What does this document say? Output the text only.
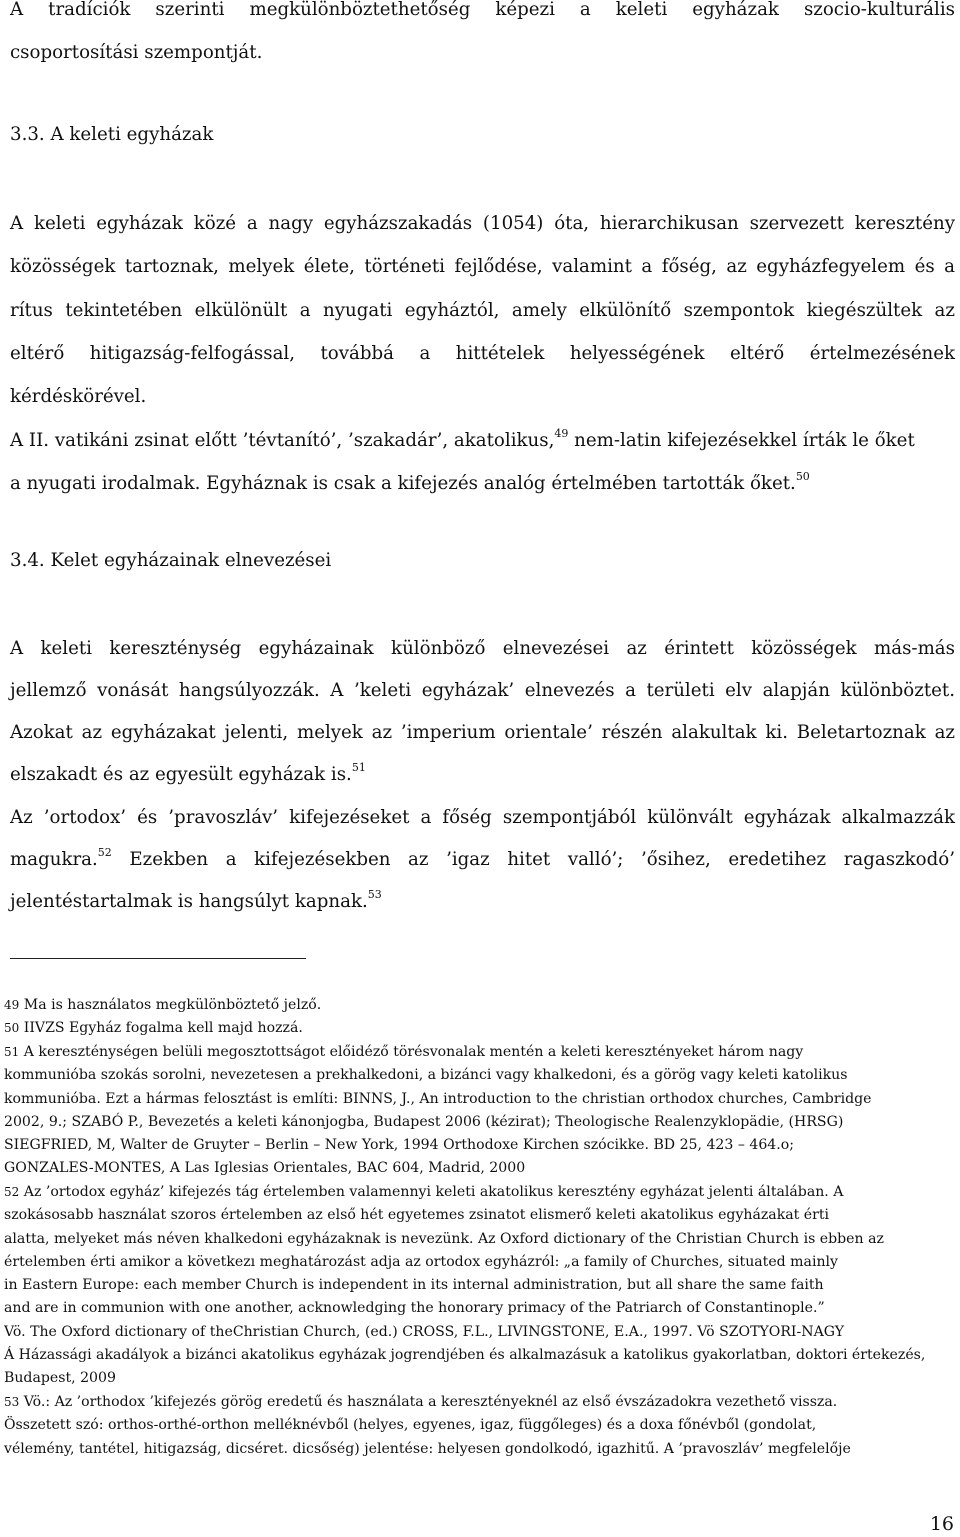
A tradíciók szerinti megkülönböztethetőség képezi a keleti egyházak szocio-kulturális
csoportosítási szempontját.

3.3. A keleti egyházak

A keleti egyházak közé a nagy egyházszakadás (1054) óta, hierarchikusan szervezett keresztény
közösségek tartoznak, melyek élete, történeti fejlődése, valamint a főség, az egyházfegyelem és a
rítus tekintetében elkülönült a nyugati egyháztól, amely elkülönítő szempontok kiegészültek az
eltérő hitigazság-felfogással, továbbá a hittételek helyességének eltérő értelmezésének
kérdéskörével.

A II. vatikáni zsinat előtt ’tévtanító’, ’szakadár’, akatolikus,$^{49}$ nem-latin kifejezésekkel írták le őket
a nyugati irodalmak. Egyháznak is csak a kifejezés analóg értelmében tartották őket.$^{50}$

3.4. Kelet egyházainak elnevezései

A keleti kereszténység egyházainak különböző elnevezései az érintett közösségek más-más
jellemző vonását hangsúlyozzák. A ’keleti egyházak’ elnevezés a területi elv alapján különböztet.
Azokat az egyházakat jelenti, melyek az ’imperium orientale’ részén alakultak ki. Beletartoznak az
elszakadt és az egyesült egyházak is.$^{51}$

Az ’ortodox’ és ’pravoszláv’ kifejezéseket a főség szempontjából különvált egyházak alkalmazzák
magukra.$^{52}$ Ezekben a kifejezésekben az ’igaz hitet valló’; ’ősihez, eredetihez ragaszkodó’
jelentéstartalmak is hangsúlyt kapnak.$^{53}$

49 Ma is használatos megkülönböztető jelző.

50 IIVZS Egyház fogalma kell majd hozzá.

51 A kereszténységen belüli megosztottságot előidéző törésvonalak mentén a keleti keresztényeket három nagy
kommunióba szokás sorolni, nevezetesen a prekhalkedoni, a bizánci vagy khalkedoni, és a görög vagy keleti katolikus
kommunióba. Ezt a hármas felosztást is említi: BINNS, J., An introduction to the christian orthodox churches, Cambridge
2002, 9.; SZABÓ P., Bevezetés a keleti kánonjogba, Budapest 2006 (kézirat); Theologische Realenzyklopädie, (HRSG)
SIEGFRIED, M, Walter de Gruyter – Berlin – New York, 1994 Orthodoxe Kirchen szócikke. BD 25, 423 – 464.o;
GONZALES-MONTES, A Las Iglesias Orientales, BAC 604, Madrid, 2000

52 Az ’ortodox egyház’ kifejezés tág értelemben valamennyi keleti akatolikus keresztény egyházat jelenti általában. A
szokásosabb használat szoros értelemben az első hét egyetemes zsinatot elismerő keleti akatolikus egyházakat érti
alatta, melyeket más néven khalkedoni egyházaknak is nevezünk. Az Oxford dictionary of the Christian Church is ebben az
értelemben érti amikor a következı meghatározást adja az ortodox egyházról: „a family of Churches, situated mainly
in Eastern Europe: each member Church is independent in its internal administration, but all share the same faith
and are in communion with one another, acknowledging the honorary primacy of the Patriarch of Constantinople.”
Vö. The Oxford dictionary of theChristian Church, (ed.) CROSS, F.L., LIVINGSTONE, E.A., 1997. Vö SZOTYORI-NAGY
Á Házassági akadályok a bizánci akatolikus egyházak jogrendjében és alkalmazásuk a katolikus gyakorlatban, doktori értekezés,
Budapest, 2009

53 Vö.: Az ’orthodox ’kifejezés görög eredetű és használata a keresztényeknél az első évszázadokra vezethető vissza.
Összetett szó: orthos-orthé-orthon melléknévből (helyes, egyenes, igaz, függőleges) és a doxa főnévből (gondolat,
vélemény, tantétel, hitigazság, dicséret. dicsőség) jelentése: helyesen gondolkodó, igazhitű. A ’pravoszláv’ megfelelője

16
